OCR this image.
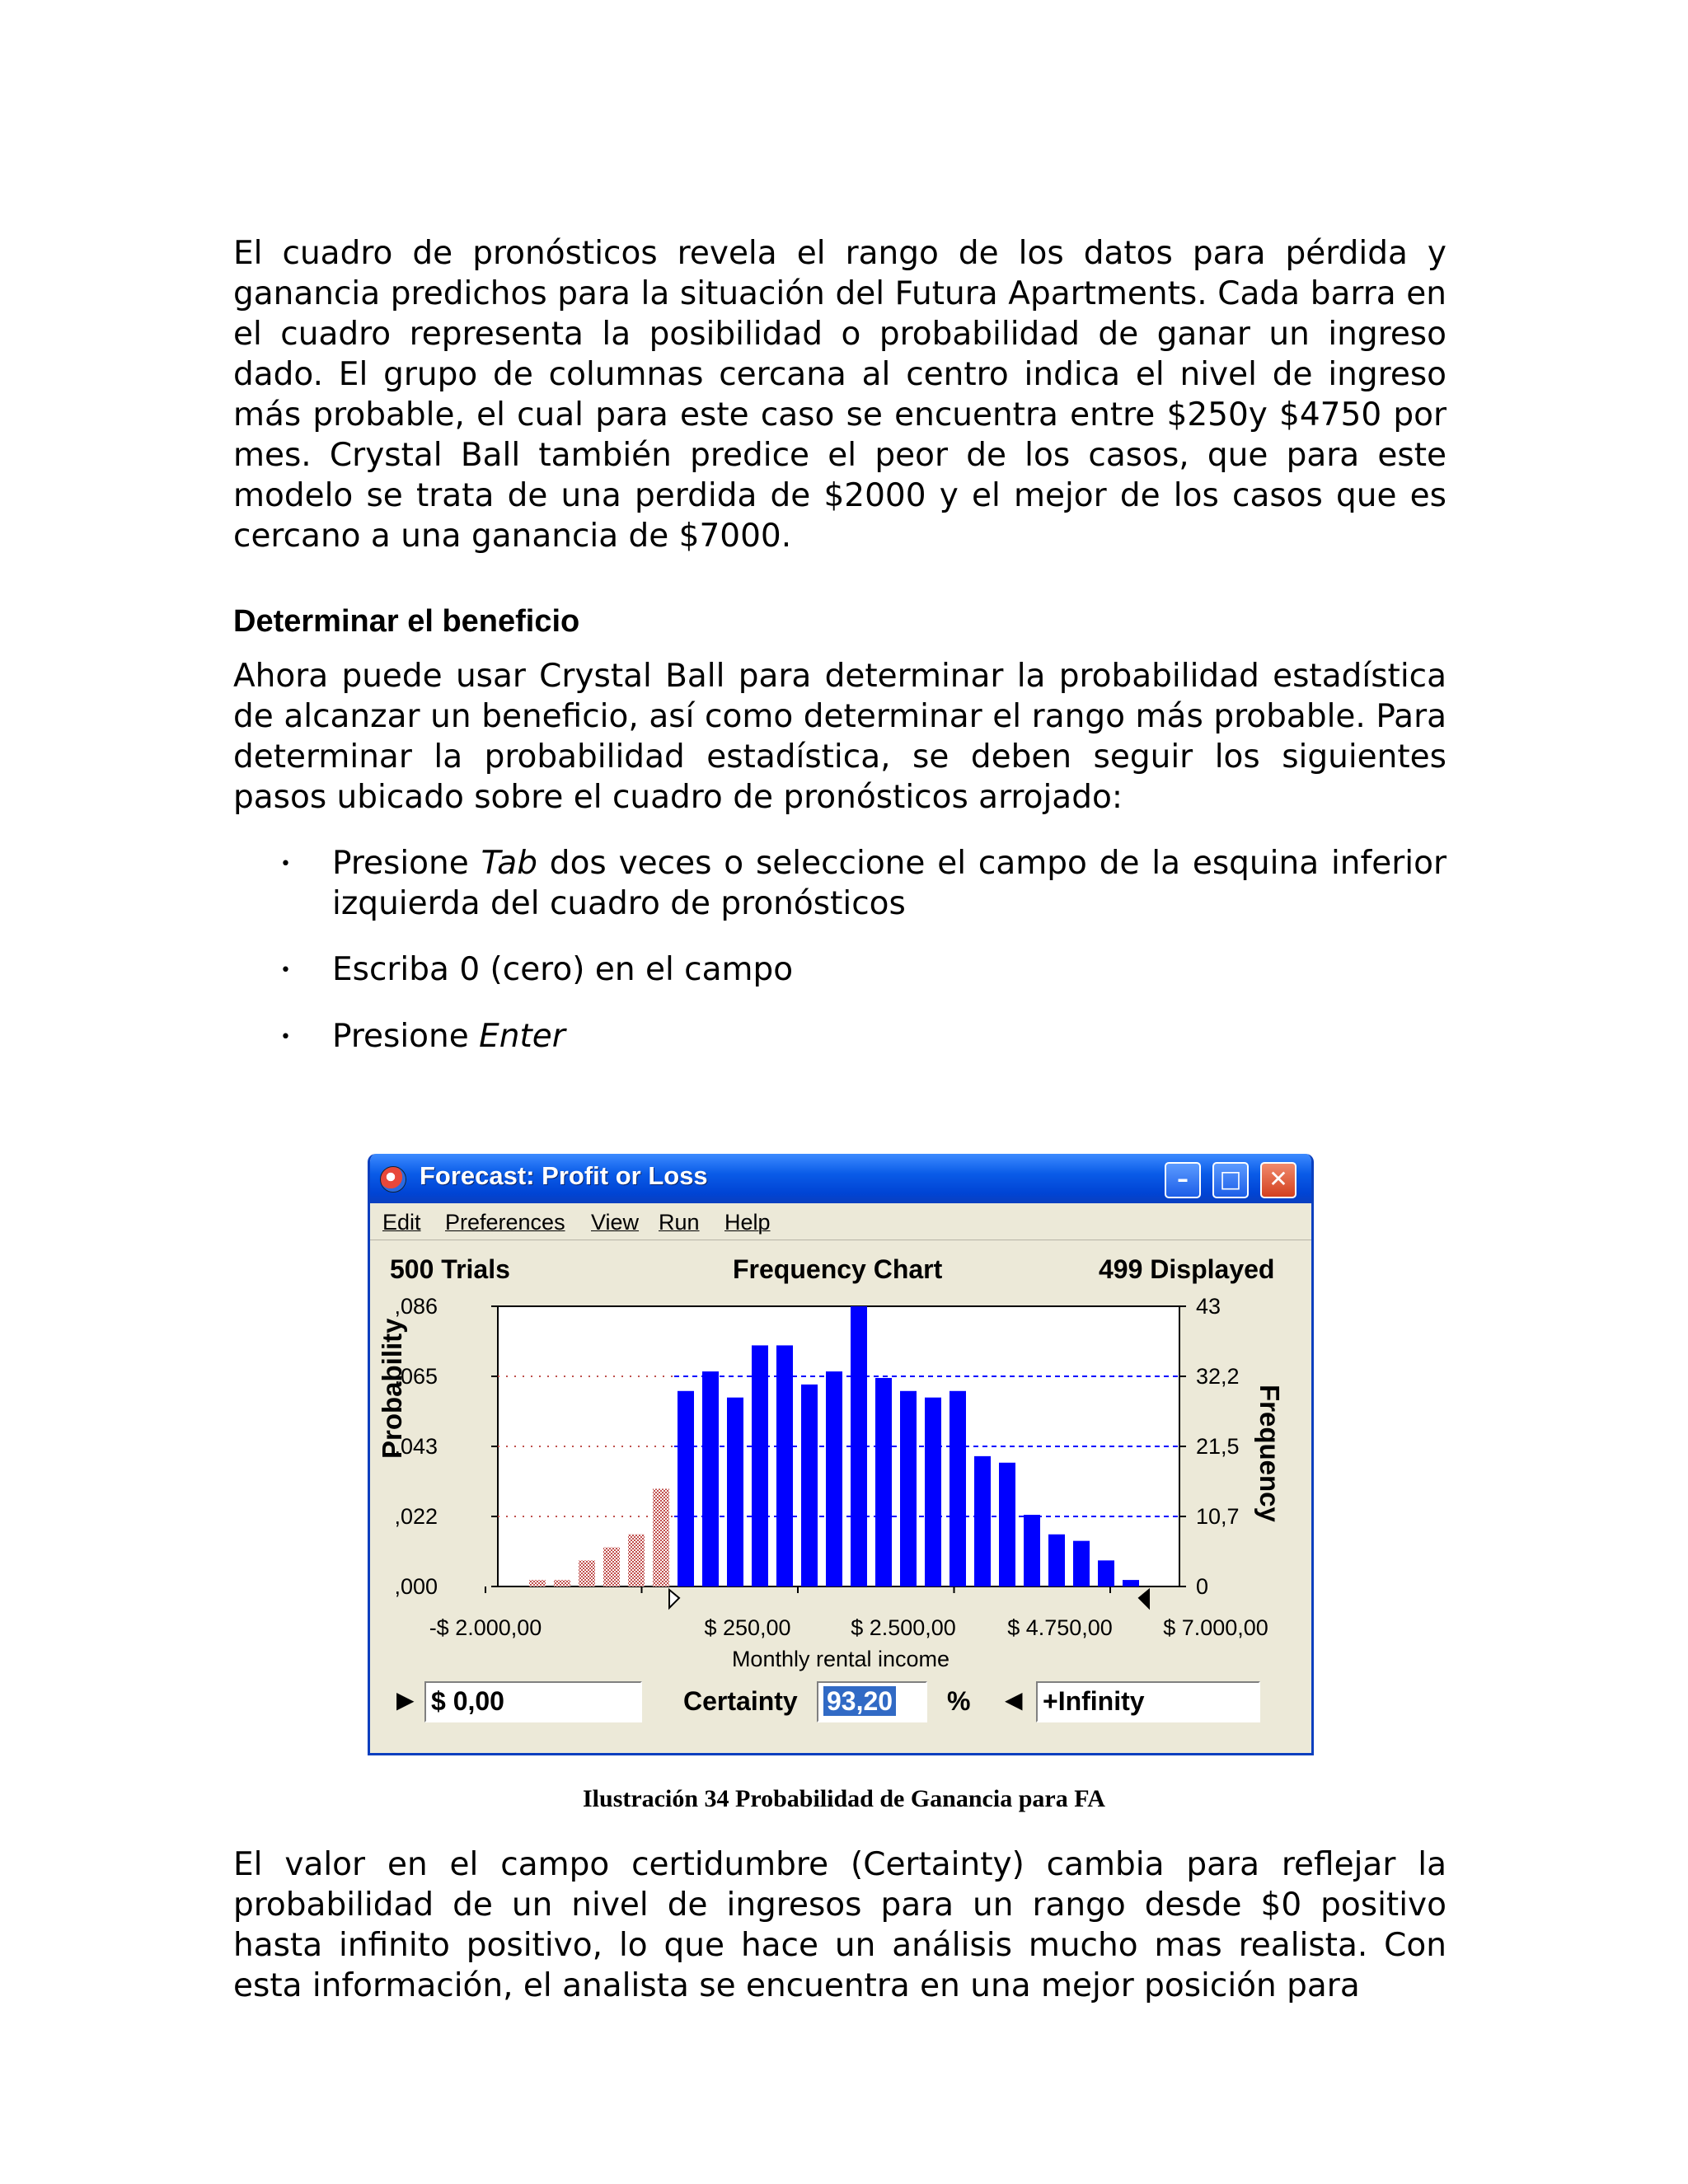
El cuadro de pronósticos revela el rango de los datos para pérdida y ganancia predichos para la situación del Futura Apartments. Cada barra en el cuadro representa la posibilidad o probabilidad de ganar un ingreso dado. El grupo de columnas cercana al centro indica el nivel de ingreso más probable, el cual para este caso se encuentra entre $250y $4750 por mes. Crystal Ball también predice el peor de los casos, que para este modelo se trata de una perdida de $2000 y el mejor de los casos que es cercano a una ganancia de $7000.

Determinar el beneficio

Ahora puede usar Crystal Ball para determinar la probabilidad estadística de alcanzar un beneficio, así como determinar el rango más probable. Para determinar la probabilidad estadística, se deben seguir los siguientes pasos ubicado sobre el cuadro de pronósticos arrojado:

• Presione Tab dos veces o seleccione el campo de la esquina inferior izquierda del cuadro de pronósticos

• Escriba 0 (cero) en el campo

• Presione Enter

Forecast: Profit or Loss	–	□	✕
Edit Preferences View Run Help
500 Trials	Frequency Chart	499 Displayed
Probability	Frequency
,000
,022
,043
,065
,086
0
10,7
21,5
32,2
43
-$ 2.000,00	$ 250,00	$ 2.500,00	$ 4.750,00	$ 7.000,00
Monthly rental income
▶ $ 0,00	Certainty	93,20	% ◀ +Infinity

Ilustración 34 Probabilidad de Ganancia para FA

El valor en el campo certidumbre (Certainty) cambia para reflejar la probabilidad de un nivel de ingresos para un rango desde $0 positivo hasta infinito positivo, lo que hace un análisis mucho mas realista. Con esta información, el analista se encuentra en una mejor posición para
